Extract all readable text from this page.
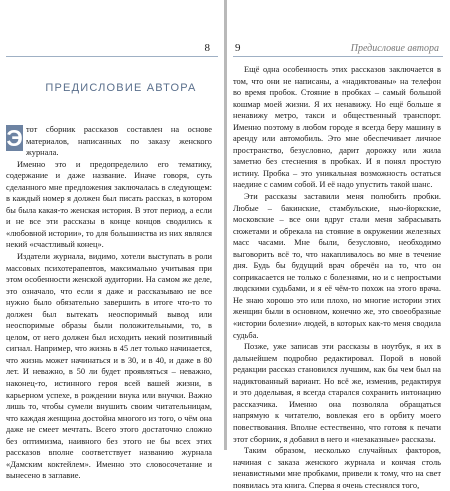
8
ПРЕДИСЛОВИЕ АВТОРА

Э тот сборник рассказов составлен на основе материалов, написанных по заказу женского журнала.

Именно это и предопределило его тематику, содержание и даже название. Иначе говоря, суть сделанного мне предложения заключалась в следующем: в каждый номер я должен был писать рассказ, в котором бы была какая-то женская история. В этот период, а если и не все эти рассказы в конце концов сводились к «любовной истории», то для большинства из них являлся некий «счастливый конец».

Издатели журнала, видимо, хотели выступать в роли массовых психотерапевтов, максимально учитывая при этом особенности женской аудитории. На самом же деле, это означало, что если я даже и рассказываю не все нужно было обязательно завершить в итоге что-то то должен был вытекать неоспоримый вывод или неоспоримые образы были положительными, то, в целом, от него должен был исходить некий позитивный сигнал. Например, что жизнь в 45 лет только начинается, что жизнь может начинаться и в 30, и в 40, и даже в 80 лет. И неважно, в 50 ли будет проявляться – неважно, наконец-то, истинного героя всей вашей жизни, в карьерном успехе, в рождении внука или внучки. Важно лишь то, чтобы сумели внушить своим читательницам, что каждая женщина достойна многого из того, о чём она даже не смеет мечтать. Всего этого достаточно сложно без оптимизма, наивного без этого не бы всех этих рассказов вполне соответствует названию журнала «Дамским коктейлем». Именно это словосочетание и вынесено в заглавие.

9	Предисловие автора

Ещё одна особенность этих рассказов заключается в том, что они не написаны, а «надиктованы» на телефон во время пробок. Стояние в пробках – самый большой кошмар моей жизни. Я их ненавижу. Но ещё больше я ненавижу метро, такси и общественный транспорт. Именно поэтому в любом городе я всегда беру машину в аренду или автомобиль. Это мне обеспечивает личное пространство, безусловно, дарит дорожку или жила заметно без стеснения в пробках. И я понял простую истину. Пробка – это уникальная возможность остаться наедине с самим собой. И её надо упустить такой шанс.

Эти рассказы заставили меня полюбить пробки. Любые – бакинские, стамбульские, нью-йоркские, московские – все они вдруг стали меня забрасывать сюжетами и обрекала на стояние в окружении железных масс часами. Мне были, безусловно, необходимо выговорить всё то, что накапливалось во мне в течение дня. Будь бы будущий врач обречён на то, что он соприкасается не только с болезнями, но и с непростыми людскими судьбами, и я её чём-то похож на этого врача. Не знаю хорошо это или плохо, но многие истории этих женщин были в основном, конечно же, это своеобразные «истории болезни» людей, в которых как-то меня сводила судьба.

Позже, уже записав эти рассказы в ноутбук, я их в дальнейшем подробно редактировал. Порой в новой редакции рассказ становился лучшим, как бы чем был на надиктованный вариант. Но всё же, изменив, редактируя и это доделывая, я всегда старался сохранить интонацию рассказчика. Именно она позволяла обращаться напрямую к читателю, вовлекая его в орбиту моего повествования. Вполне естественно, что готовя к печати этот сборник, я добавил в него и «незаказные» рассказы.

Таким образом, несколько случайных факторов, начиная с заказа женского журнала и кончая столь ненавистными мне пробками, привели к тому, что на свет появилась эта книга. Сперва я очень стеснялся того,
